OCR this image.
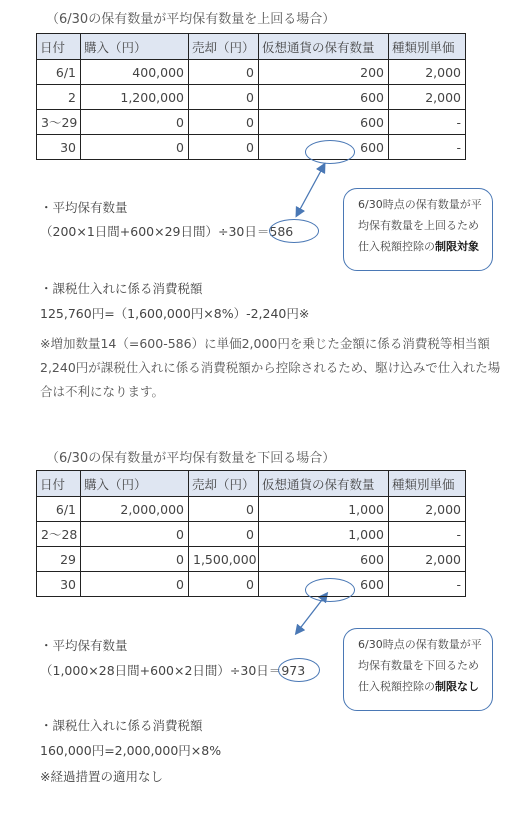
（6/30の保有数量が平均保有数量を上回る場合）
日付	購入（円）	売却（円）	仮想通貨の保有数量	種類別単価
6/1	400,000	0	200	2,000
2	1,200,000	0	600	2,000
3〜29	0	0	600	-
30	0	0	600	-
・平均保有数量
（200×1日間+600×29日間）÷30日＝586
6/30時点の保有数量が平
均保有数量を上回るため
仕入税額控除の制限対象
・課税仕入れに係る消費税額
125,760円=（1,600,000円×8%）-2,240円※
※増加数量14（=600-586）に単価2,000円を乗じた金額に係る消費税等相当額2,240円が課税仕入れに係る消費税額から控除されるため、駆け込みで仕入れた場合は不利になります。
（6/30の保有数量が平均保有数量を下回る場合）
日付	購入（円）	売却（円）	仮想通貨の保有数量	種類別単価
6/1	2,000,000	0	1,000	2,000
2〜28	0	0	1,000	-
29	0	1,500,000	600	2,000
30	0	0	600	-
・平均保有数量
（1,000×28日間+600×2日間）÷30日＝973
6/30時点の保有数量が平
均保有数量を下回るため
仕入税額控除の制限なし
・課税仕入れに係る消費税額
160,000円=2,000,000円×8%
※経過措置の適用なし
